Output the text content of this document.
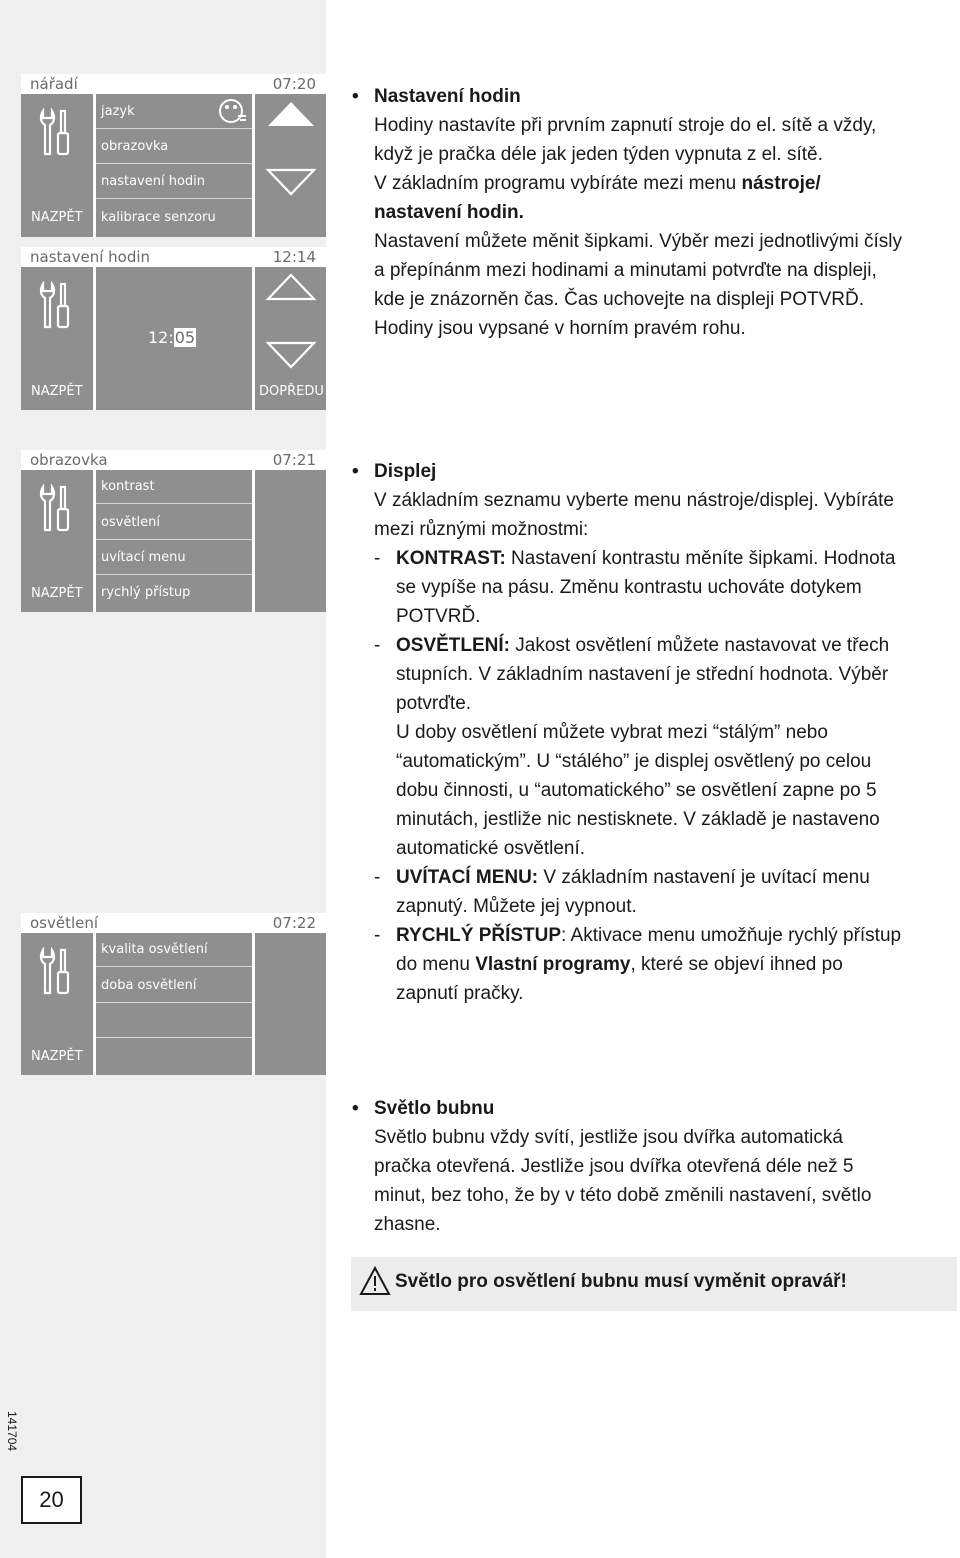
nářadí	07:20
jazyk
obrazovka
nastavení hodin
kalibrace senzoru
NAZPĚT
nastavení hodin	12:14
12:05
NAZPĚT	DOPŘEDU
obrazovka	07:21
kontrast
osvětlení
uvítací menu
rychlý přístup
NAZPĚT
osvětlení	07:22
kvalita osvětlení
doba osvětlení
NAZPĚT
• Nastavení hodin
Hodiny nastavíte při prvním zapnutí stroje do el. sítě a vždy,
když je pračka déle jak jeden týden vypnuta z el. sítě.
V základním programu vybíráte mezi menu nástroje/
nastavení hodin.
Nastavení můžete měnit šipkami. Výběr mezi jednotlivými čísly
a přepínánm mezi hodinami a minutami potvrďte na displeji,
kde je znázorněn čas. Čas uchovejte na displeji POTVRĎ.
Hodiny jsou vypsané v horním pravém rohu.
• Displej
V základním seznamu vyberte menu nástroje/displej. Vybíráte
mezi různými možnostmi:
- KONTRAST: Nastavení kontrastu měníte šipkami. Hodnota
se vypíše na pásu. Změnu kontrastu uchováte dotykem
POTVRĎ.
- OSVĚTLENÍ: Jakost osvětlení můžete nastavovat ve třech
stupních. V základním nastavení je střední hodnota. Výběr
potvrďte.
U doby osvětlení můžete vybrat mezi “stálým” nebo
“automatickým”. U “stálého” je displej osvětlený po celou
dobu činnosti, u “automatického” se osvětlení zapne po 5
minutách, jestliže nic nestisknete. V základě je nastaveno
automatické osvětlení.
- UVÍTACÍ MENU: V základním nastavení je uvítací menu
zapnutý. Můžete jej vypnout.
- RYCHLÝ PŘÍSTUP: Aktivace menu umožňuje rychlý přístup
do menu Vlastní programy, které se objeví ihned po
zapnutí pračky.
• Světlo bubnu
Světlo bubnu vždy svítí, jestliže jsou dvířka automatická
pračka otevřená. Jestliže jsou dvířka otevřená déle než 5
minut, bez toho, že by v této době změnili nastavení, světlo
zhasne.
Světlo pro osvětlení bubnu musí vyměnit opravář!
141704
20
